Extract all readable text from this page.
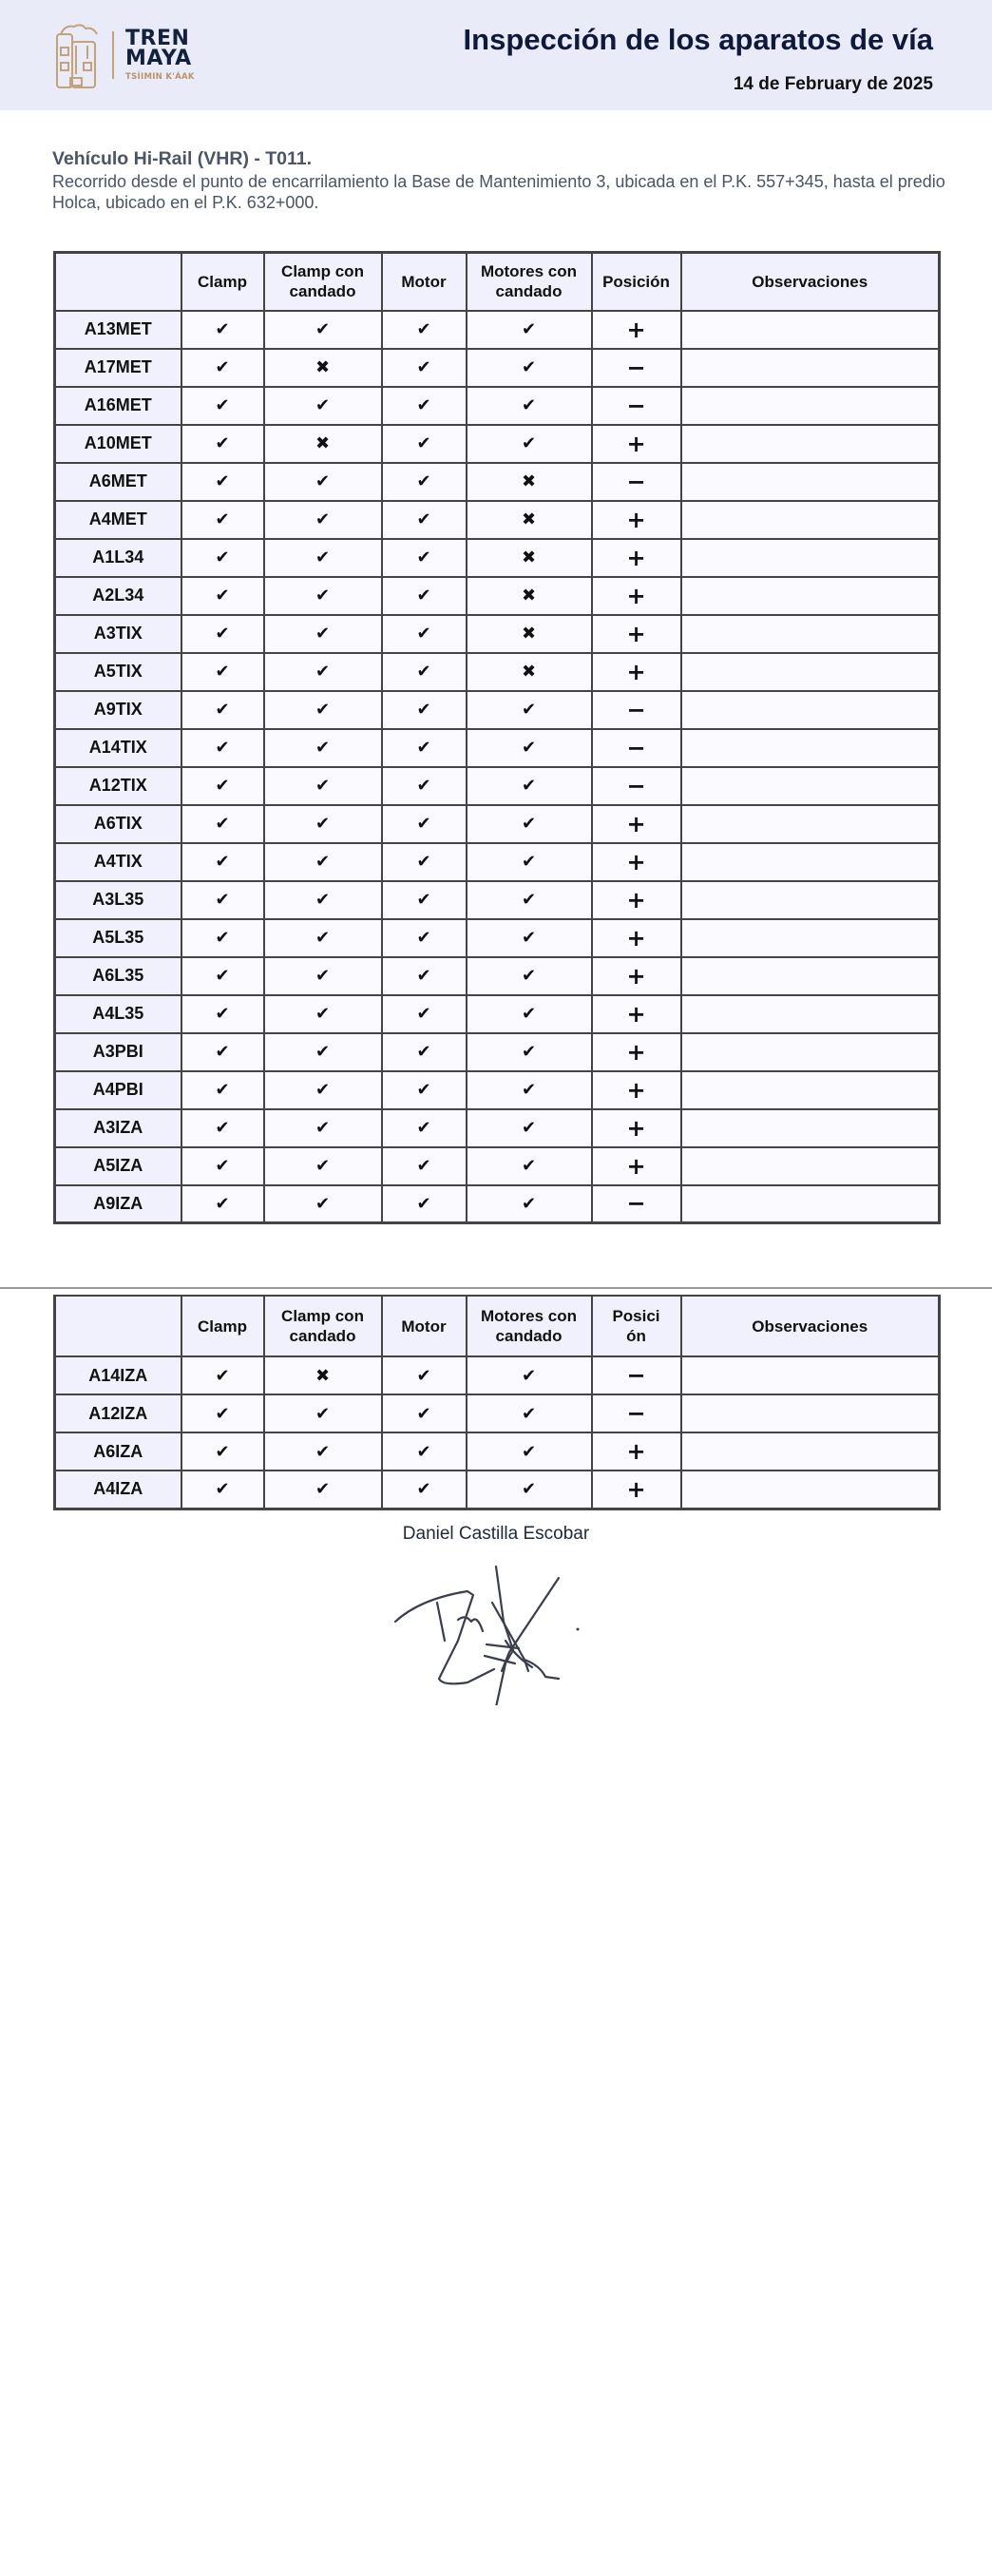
TREN
MAYA
TSÍIMIN K'ÁAK
Inspección de los aparatos de vía
14 de February de 2025
Vehículo Hi-Rail (VHR) - T011.
Recorrido desde el punto de encarrilamiento la Base de Mantenimiento 3, ubicada en el P.K. 557+345, hasta el predio Holca, ubicado en el P.K. 632+000.
	Clamp	Clamp con candado	Motor	Motores con candado	Posición	Observaciones
A13MET	✔	✔	✔	✔	+	
A17MET	✔	✖	✔	✔	−	
A16MET	✔	✔	✔	✔	−	
A10MET	✔	✖	✔	✔	+	
A6MET	✔	✔	✔	✖	−	
A4MET	✔	✔	✔	✖	+	
A1L34	✔	✔	✔	✖	+	
A2L34	✔	✔	✔	✖	+	
A3TIX	✔	✔	✔	✖	+	
A5TIX	✔	✔	✔	✖	+	
A9TIX	✔	✔	✔	✔	−	
A14TIX	✔	✔	✔	✔	−	
A12TIX	✔	✔	✔	✔	−	
A6TIX	✔	✔	✔	✔	+	
A4TIX	✔	✔	✔	✔	+	
A3L35	✔	✔	✔	✔	+	
A5L35	✔	✔	✔	✔	+	
A6L35	✔	✔	✔	✔	+	
A4L35	✔	✔	✔	✔	+	
A3PBI	✔	✔	✔	✔	+	
A4PBI	✔	✔	✔	✔	+	
A3IZA	✔	✔	✔	✔	+	
A5IZA	✔	✔	✔	✔	+	
A9IZA	✔	✔	✔	✔	−	
	Clamp	Clamp con candado	Motor	Motores con candado	Posición	Observaciones
A14IZA	✔	✖	✔	✔	−	
A12IZA	✔	✔	✔	✔	−	
A6IZA	✔	✔	✔	✔	+	
A4IZA	✔	✔	✔	✔	+	
Daniel Castilla Escobar
